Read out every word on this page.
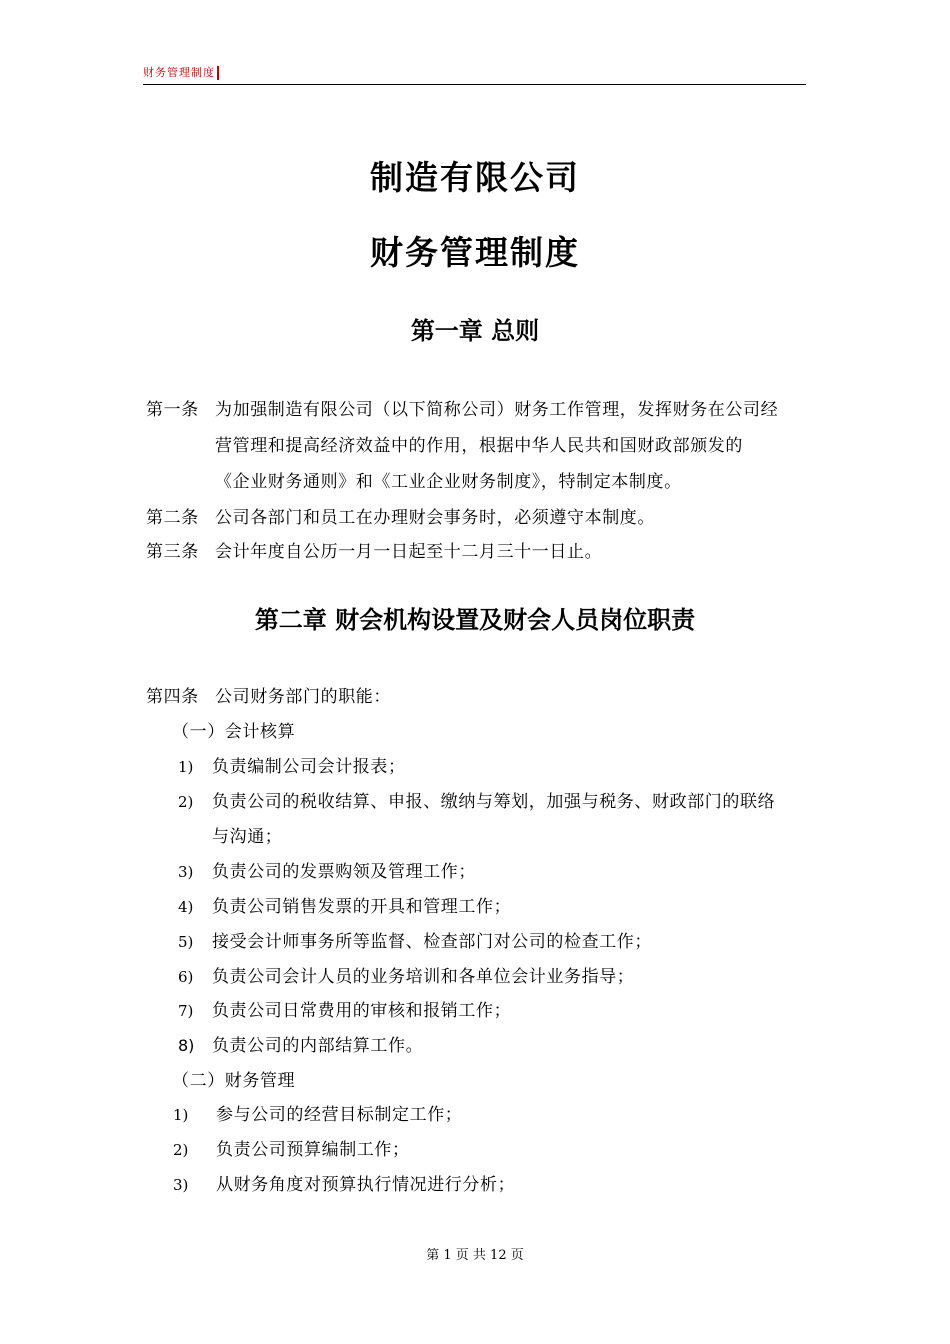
财务管理制度
制造有限公司
财务管理制度
第一章 总则
第一条 为加强制造有限公司（以下简称公司）财务工作管理，发挥财务在公司经
营管理和提高经济效益中的作用，根据中华人民共和国财政部颁发的
《企业财务通则》和《工业企业财务制度》，特制定本制度。
第二条 公司各部门和员工在办理财会事务时，必须遵守本制度。
第三条 会计年度自公历一月一日起至十二月三十一日止。
第二章 财会机构设置及财会人员岗位职责
第四条 公司财务部门的职能：
（一）会计核算
1) 负责编制公司会计报表；
2) 负责公司的税收结算、申报、缴纳与筹划，加强与税务、财政部门的联络
与沟通；
3) 负责公司的发票购领及管理工作；
4) 负责公司销售发票的开具和管理工作；
5) 接受会计师事务所等监督、检查部门对公司的检查工作；
6) 负责公司会计人员的业务培训和各单位会计业务指导；
7) 负责公司日常费用的审核和报销工作；
8) 负责公司的内部结算工作。
（二）财务管理
1) 参与公司的经营目标制定工作；
2) 负责公司预算编制工作；
3) 从财务角度对预算执行情况进行分析；
第 1 页 共 12 页
